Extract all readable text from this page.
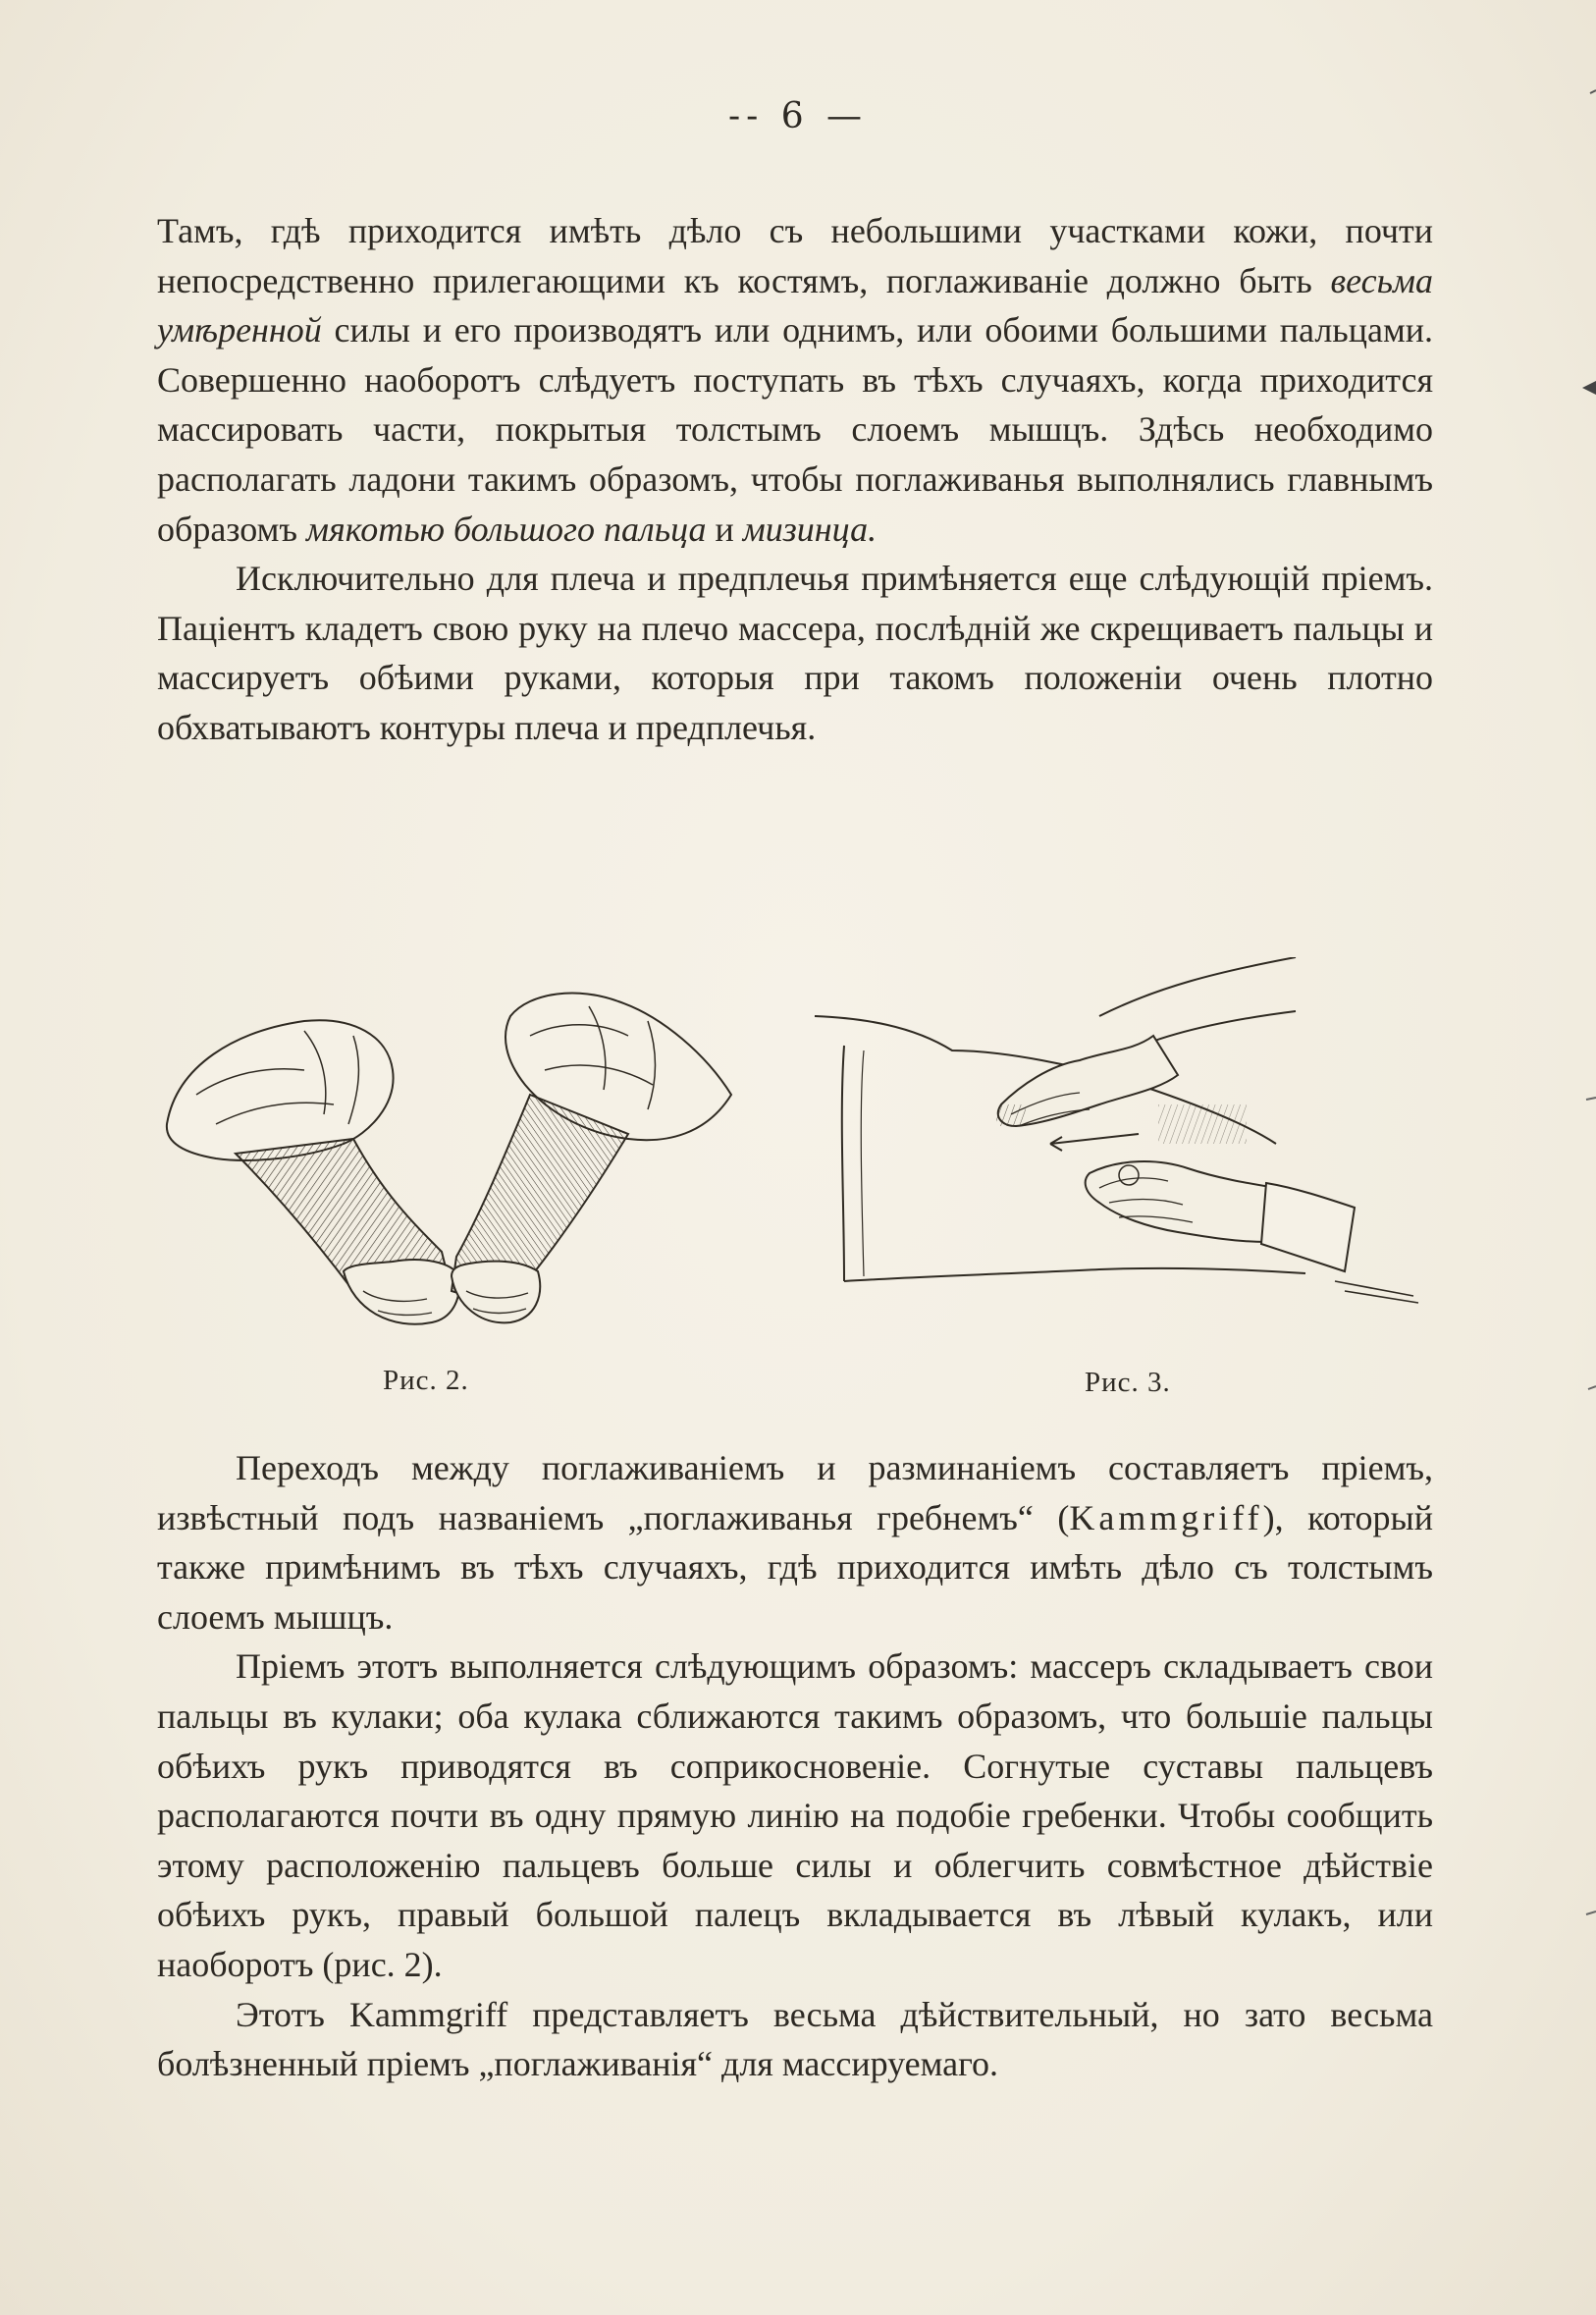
-- 6 —

Тамъ, гдѣ приходится имѣть дѣло съ небольшими участками кожи, почти непосредственно прилегающими къ костямъ, поглаживаніе должно быть весьма умѣренной силы и его производятъ или однимъ, или обоими большими пальцами. Совершенно наоборотъ слѣдуетъ поступать въ тѣхъ случаяхъ, когда приходится массировать части, покрытыя толстымъ слоемъ мышцъ. Здѣсь необходимо располагать ладони такимъ образомъ, чтобы поглаживанья выполнялись главнымъ образомъ мякотью большого пальца и мизинца.

Исключительно для плеча и предплечья примѣняется еще слѣдующій пріемъ. Паціентъ кладетъ свою руку на плечо массера, послѣдній же скрещиваетъ пальцы и массируетъ обѣими руками, которыя при такомъ положеніи очень плотно обхватываютъ контуры плеча и предплечья.

Рис. 2.	Рис. 3.

Переходъ между поглаживаніемъ и разминаніемъ составляетъ пріемъ, извѣстный подъ названіемъ „поглаживанья гребнемъ“ (Kammgriff), который также примѣнимъ въ тѣхъ случаяхъ, гдѣ приходится имѣть дѣло съ толстымъ слоемъ мышцъ.

Пріемъ этотъ выполняется слѣдующимъ образомъ: массеръ складываетъ свои пальцы въ кулаки; оба кулака сближаются такимъ образомъ, что большіе пальцы обѣихъ рукъ приводятся въ соприкосновеніе. Согнутые суставы пальцевъ располагаются почти въ одну прямую линію на подобіе гребенки. Чтобы сообщить этому расположенію пальцевъ больше силы и облегчить совмѣстное дѣйствіе обѣихъ рукъ, правый большой палецъ вкладывается въ лѣвый кулакъ, или наоборотъ (рис. 2).

Этотъ Kammgriff представляетъ весьма дѣйствительный, но зато весьма болѣзненный пріемъ „поглаживанія“ для массируемаго.
